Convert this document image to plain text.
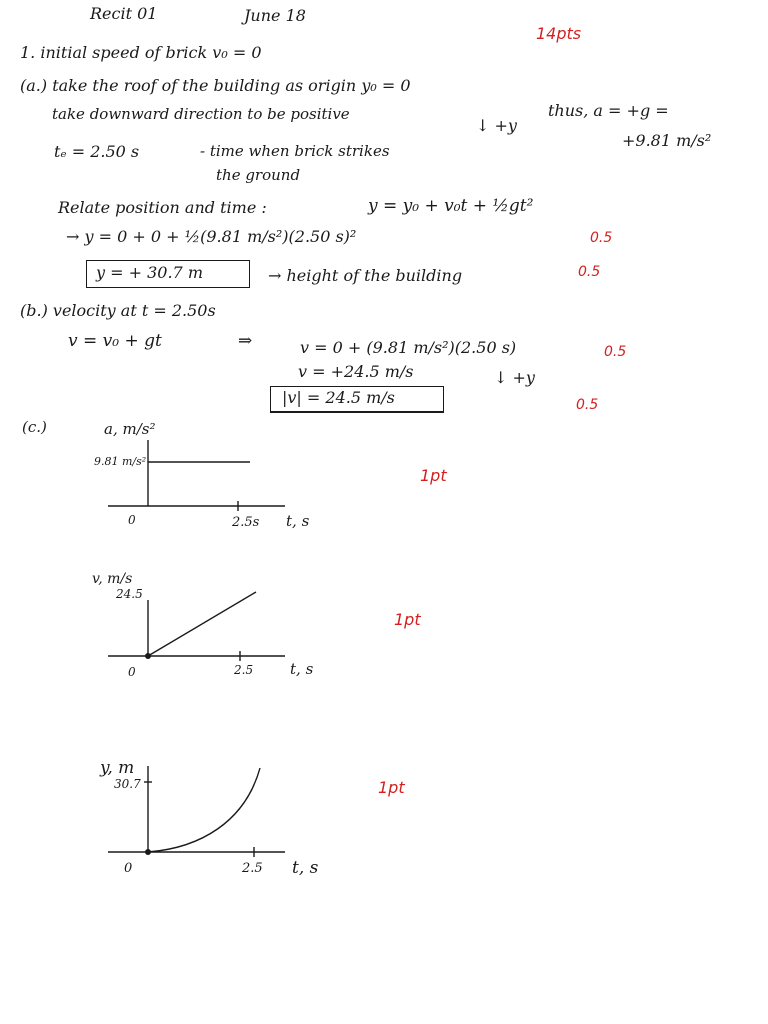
Recit 01	June 18
14pts
1. initial speed of brick v₀ = 0
(a.) take the roof of the building as origin y₀ = 0
take downward direction to be positive
↓ +y
thus, a = +g =
+9.81 m/s²
tₑ = 2.50 s	- time when brick strikes
the ground
Relate position and time :	y = y₀ + v₀t + ½gt²
→ y = 0 + 0 + ½(9.81 m/s²)(2.50 s)²	0.5
y = + 30.7 m	→ height of the building	0.5
(b.) velocity at t = 2.50s
v = v₀ + gt	⇒	v = 0 + (9.81 m/s²)(2.50 s)	0.5
v = +24.5 m/s	↓ +y
|v| = 24.5 m/s	0.5
(c.)	a, m/s²
9.81 m/s²
0	2.5s t, s
1pt
v, m/s
24.5
0	2.5 t, s
1pt
y, m
30.7
0	2.5 t, s
1pt
